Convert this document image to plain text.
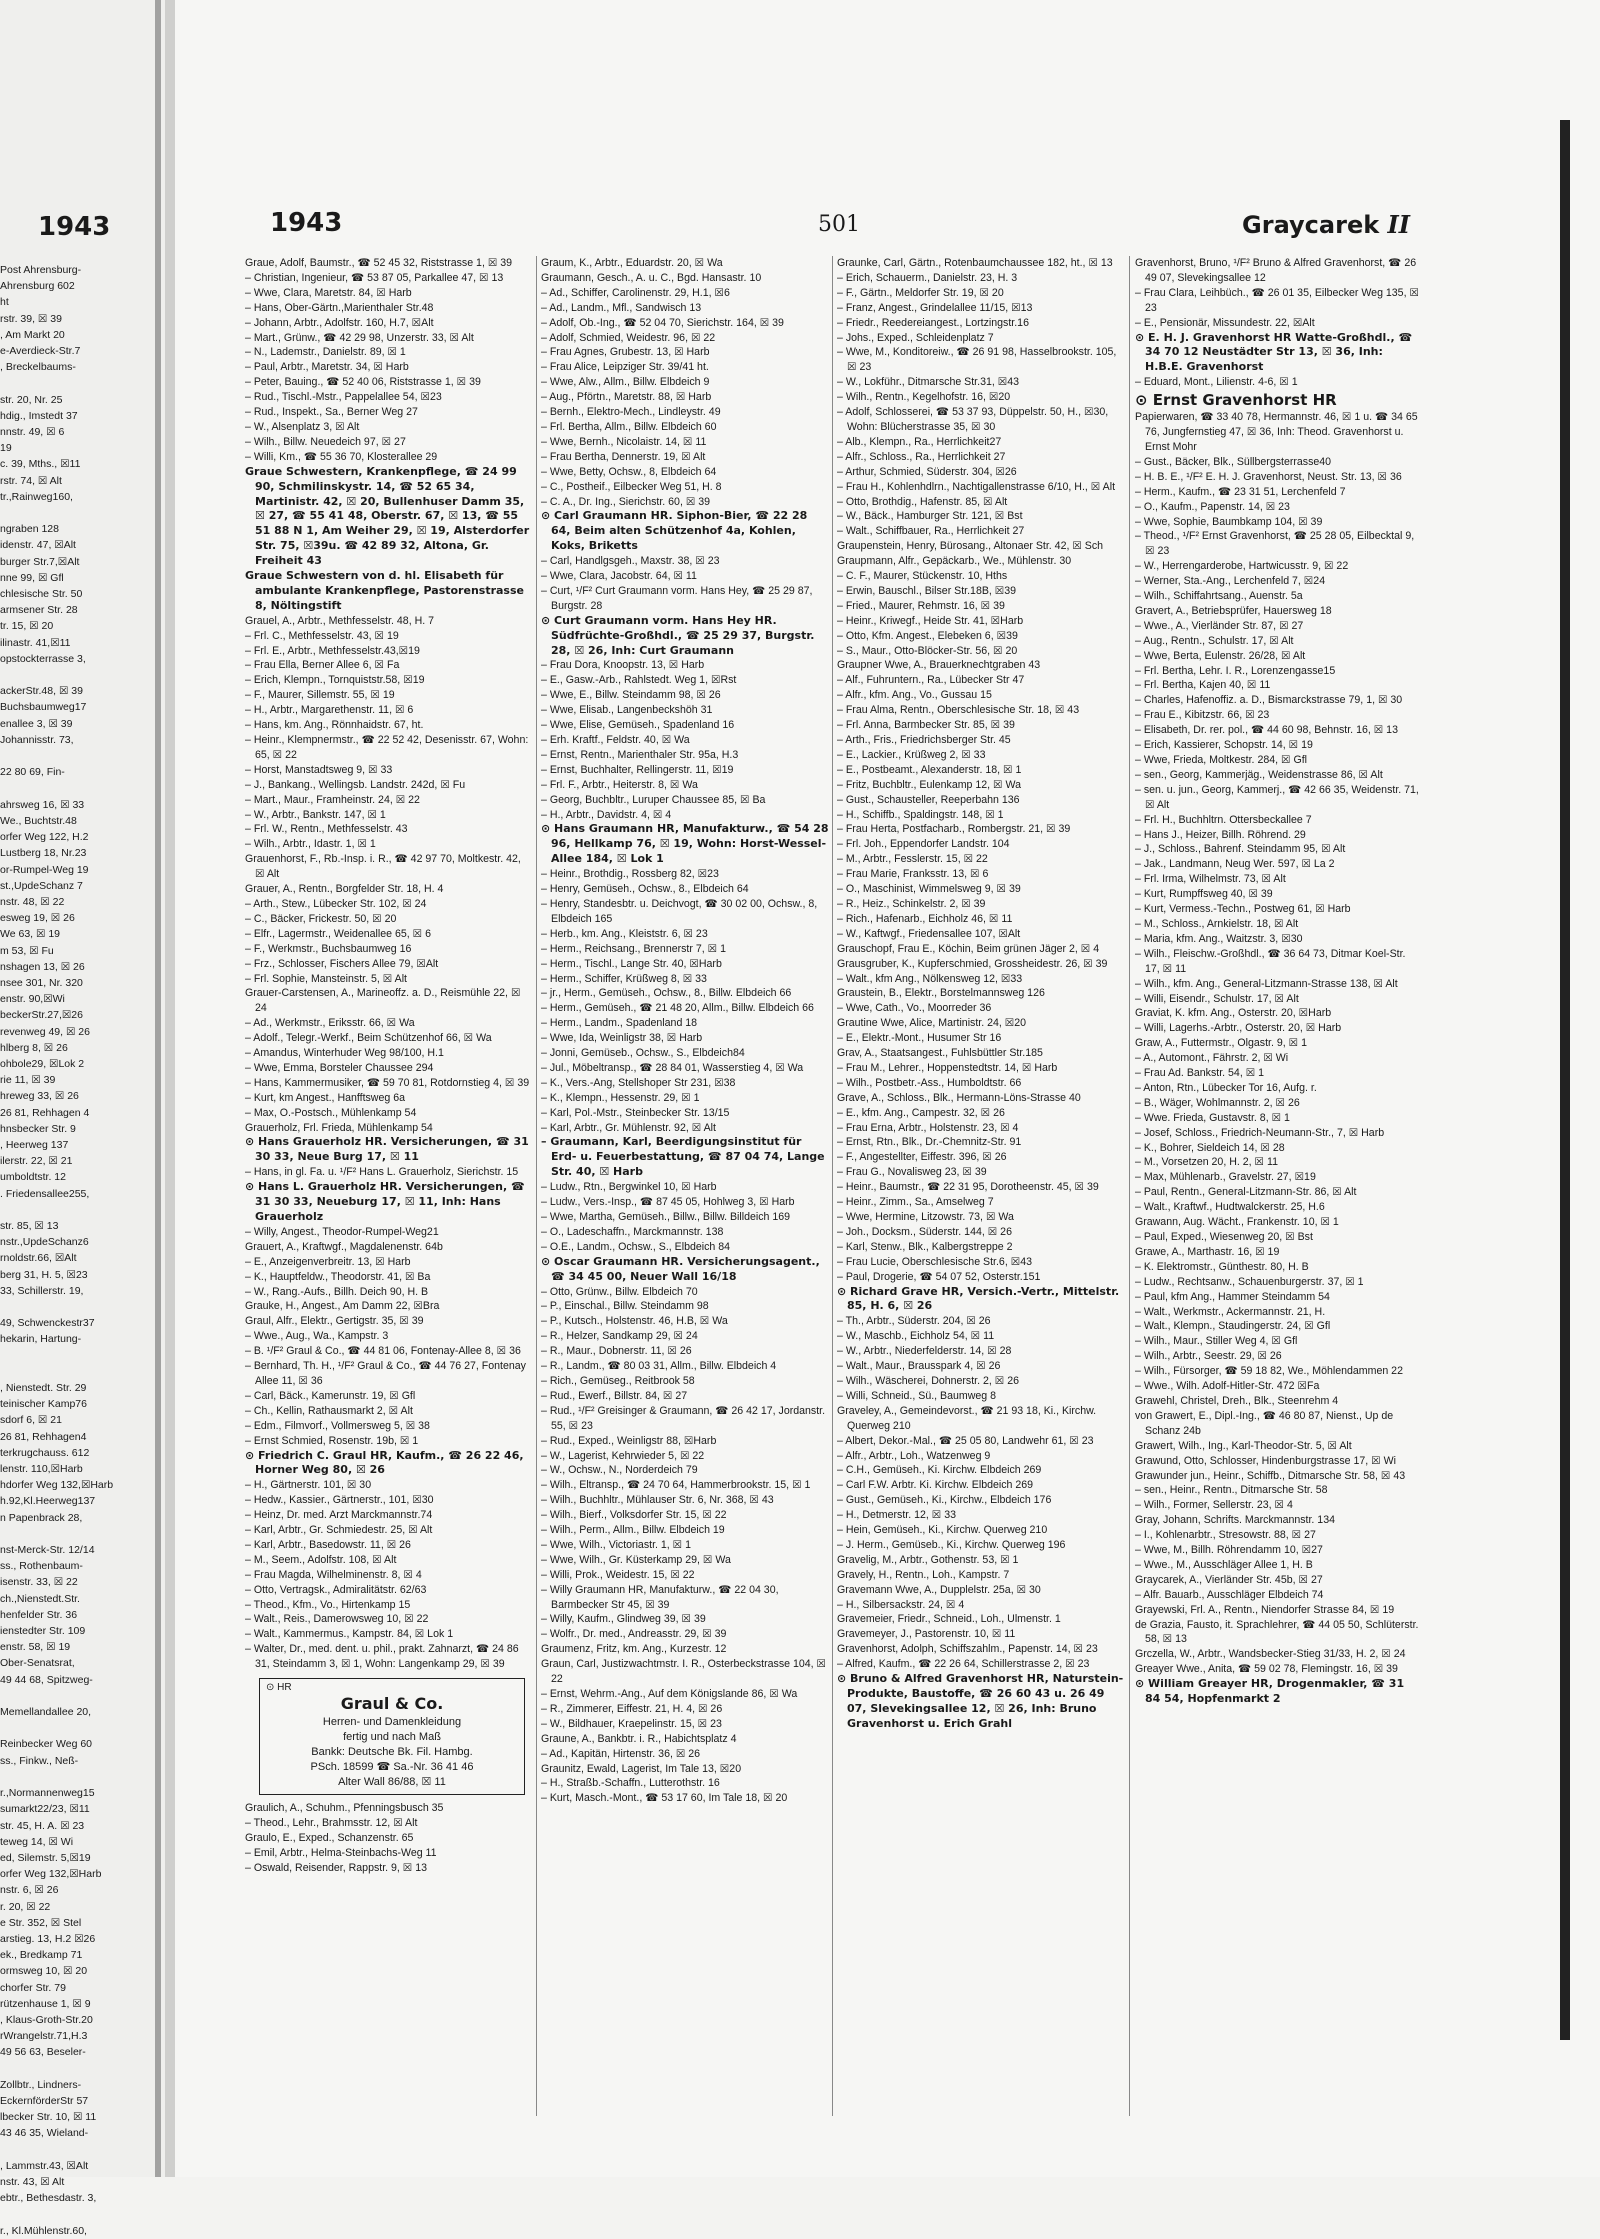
1943
Post Ahrensburg-
Ahrensburg 602
ht
rstr. 39, ☒ 39
, Am Markt 20
e-Averdieck-Str.7
, Breckelbaums-

str. 20, Nr. 25
hdig., Imstedt 37
nnstr. 49, ☒ 6
19
c. 39, Mths., ☒11
rstr. 74, ☒ Alt
tr.,Rainweg160,

ngraben 128
idenstr. 47, ☒Alt
burger Str.7,☒Alt
nne 99, ☒ Gfl
chlesische Str. 50
armsener Str. 28
tr. 15, ☒ 20
ilinastr. 41,☒11
opstockterrasse 3,

ackerStr.48, ☒ 39
Buchsbaumweg17
enallee 3, ☒ 39
Johannisstr. 73,

22 80 69, Fin-

ahrsweg 16, ☒ 33
We., Buchtstr.48
orfer Weg 122, H.2
Lustberg 18, Nr.23
or-Rumpel-Weg 19
st.,UpdeSchanz 7
nstr. 48, ☒ 22
esweg 19, ☒ 26
We 63, ☒ 19
m 53, ☒ Fu
nshagen 13, ☒ 26
nsee 301, Nr. 320
enstr. 90,☒Wi
beckerStr.27,☒26
revenweg 49, ☒ 26
hlberg 8, ☒ 26
ohbole29, ☒Lok 2
rie 11, ☒ 39
hreweg 33, ☒ 26
26 81, Rehhagen 4
hnsbecker Str. 9
, Heerweg 137
ilerstr. 22, ☒ 21
umboldtstr. 12
. Friedensallee255,

str. 85, ☒ 13
nstr.,UpdeSchanz6
rnoldstr.66, ☒Alt
berg 31, H. 5, ☒23
33, Schillerstr. 19,

49, Schwenckestr37
hekarin, Hartung-

, Nienstedt. Str. 29
teinischer Kamp76
sdorf 6, ☒ 21
26 81, Rehhagen4
terkrugchauss. 612
lenstr. 110,☒Harb
hdorfer Weg 132,☒Harb
h.92,Kl.Heerweg137
n Papenbrack 28,

nst-Merck-Str. 12/14
ss., Rothenbaum-
isenstr. 33, ☒ 22
ch.,Nienstedt.Str.
henfelder Str. 36
ienstedter Str. 109
enstr. 58, ☒ 19
Ober-Senatsrat,
49 44 68, Spitzweg-

Memellandallee 20,

Reinbecker Weg 60
ss., Finkw., Neß-

r.,Normannenweg15
sumarkt22/23, ☒11
str. 45, H. A. ☒ 23
teweg 14, ☒ Wi
ed, Silemstr. 5,☒19
orfer Weg 132,☒Harb
nstr. 6, ☒ 26
r. 20, ☒ 22
e Str. 352, ☒ Stel
arstieg. 13, H.2 ☒26
ek., Bredkamp 71
ormsweg 10, ☒ 20
chorfer Str. 79
rützenhause 1, ☒ 9
, Klaus-Groth-Str.20
rWrangelstr.71,H.3
49 56 63, Beseler-

Zollbtr., Lindners-
EckernförderStr 57
lbecker Str. 10, ☒ 11
43 46 35, Wieland-

, Lammstr.43, ☒Alt
nstr. 43, ☒ Alt
ebtr., Bethesdastr. 3,

r., Kl.Mühlenstr.60,
1943	501	Graycarek II
Graue, Adolf, Baumstr., ☎ 52 45 32, Riststrasse 1, ☒ 39
– Christian, Ingenieur, ☎ 53 87 05, Parkallee 47, ☒ 13
– Wwe, Clara, Maretstr. 84, ☒ Harb
– Hans, Ober-Gärtn.,Marienthaler Str.48
– Johann, Arbtr., Adolfstr. 160, H.7, ☒Alt
– Mart., Grünw., ☎ 42 29 98, Unzerstr. 33, ☒ Alt
– N., Lademstr., Danielstr. 89, ☒ 1
– Paul, Arbtr., Maretstr. 34, ☒ Harb
– Peter, Bauing., ☎ 52 40 06, Riststrasse 1, ☒ 39
– Rud., Tischl.-Mstr., Pappelallee 54, ☒23
– Rud., Inspekt., Sa., Berner Weg 27
– W., Alsenplatz 3, ☒ Alt
– Wilh., Billw. Neuedeich 97, ☒ 27
– Willi, Km., ☎ 55 36 70, Klosterallee 29
Graue Schwestern, Krankenpflege, ☎ 24 99 90, Schmilinskystr. 14, ☎ 52 65 34, Martinistr. 42, ☒ 20, Bullenhuser Damm 35, ☒ 27, ☎ 55 41 48, Oberstr. 67, ☒ 13, ☎ 55 51 88 N 1, Am Weiher 29, ☒ 19, Alsterdorfer Str. 75, ☒39u. ☎ 42 89 32, Altona, Gr. Freiheit 43
Graue Schwestern von d. hl. Elisabeth für ambulante Krankenpflege, Pastorenstrasse 8, Nöltingstift
Grauel, A., Arbtr., Methfesselstr. 48, H. 7
– Frl. C., Methfesselstr. 43, ☒ 19
– Frl. E., Arbtr., Methfesselstr.43,☒19
– Frau Ella, Berner Allee 6, ☒ Fa
– Erich, Klempn., Tornquiststr.58, ☒19
– F., Maurer, Sillemstr. 55, ☒ 19
– H., Arbtr., Margarethenstr. 11, ☒ 6
– Hans, km. Ang., Rönnhaidstr. 67, ht.
– Heinr., Klempnermstr., ☎ 22 52 42, Desenisstr. 67, Wohn: 65, ☒ 22
– Horst, Manstadtsweg 9, ☒ 33
– J., Bankang., Wellingsb. Landstr. 242d, ☒ Fu
– Mart., Maur., Framheinstr. 24, ☒ 22
– W., Arbtr., Bankstr. 147, ☒ 1
– Frl. W., Rentn., Methfesselstr. 43
– Wilh., Arbtr., Idastr. 1, ☒ 1
Grauenhorst, F., Rb.-Insp. i. R., ☎ 42 97 70, Moltkestr. 42, ☒ Alt
Grauer, A., Rentn., Borgfelder Str. 18, H. 4
– Arth., Stew., Lübecker Str. 102, ☒ 24
– C., Bäcker, Frickestr. 50, ☒ 20
– Elfr., Lagermstr., Weidenallee 65, ☒ 6
– F., Werkmstr., Buchsbaumweg 16
– Frz., Schlosser, Fischers Allee 79, ☒Alt
– Frl. Sophie, Mansteinstr. 5, ☒ Alt
Grauer-Carstensen, A., Marineoffz. a. D., Reismühle 22, ☒ 24
– Ad., Werkmstr., Eriksstr. 66, ☒ Wa
– Adolf., Telegr.-Werkf., Beim Schützenhof 66, ☒ Wa
– Amandus, Winterhuder Weg 98/100, H.1
– Wwe, Emma, Borsteler Chaussee 294
– Hans, Kammermusiker, ☎ 59 70 81, Rotdornstieg 4, ☒ 39
– Kurt, km Angest., Hanfftsweg 6a
– Max, O.-Postsch., Mühlenkamp 54
Grauerholz, Frl. Frieda, Mühlenkamp 54
⊙ Hans Grauerholz HR. Versicherungen, ☎ 31 30 33, Neue Burg 17, ☒ 11
– Hans, in gl. Fa. u. ¹/F² Hans L. Grauerholz, Sierichstr. 15
⊙ Hans L. Grauerholz HR. Versicherungen, ☎ 31 30 33, Neueburg 17, ☒ 11, Inh: Hans Grauerholz
– Willy, Angest., Theodor-Rumpel-Weg21
Grauert, A., Kraftwgf., Magdalenenstr. 64b
– E., Anzeigenverbreitr. 13, ☒ Harb
– K., Hauptfeldw., Theodorstr. 41, ☒ Ba
– W., Rang.-Aufs., Billh. Deich 90, H. B
Grauke, H., Angest., Am Damm 22, ☒Bra
Graul, Alfr., Elektr., Gertigstr. 35, ☒ 39
– Wwe., Aug., Wa., Kampstr. 3
– B. ¹/F² Graul & Co., ☎ 44 81 06, Fontenay-Allee 8, ☒ 36
– Bernhard, Th. H., ¹/F² Graul & Co., ☎ 44 76 27, Fontenay Allee 11, ☒ 36
– Carl, Bäck., Kamerunstr. 19, ☒ Gfl
– Ch., Kellin, Rathausmarkt 2, ☒ Alt
– Edm., Filmvorf., Vollmersweg 5, ☒ 38
– Ernst Schmied, Rosenstr. 19b, ☒ 1
⊙ Friedrich C. Graul HR, Kaufm., ☎ 26 22 46, Horner Weg 80, ☒ 26
– H., Gärtnerstr. 101, ☒ 30
– Hedw., Kassier., Gärtnerstr., 101, ☒30
– Heinz, Dr. med. Arzt Marckmannstr.74
– Karl, Arbtr., Gr. Schmiedestr. 25, ☒ Alt
– Karl, Arbtr., Basedowstr. 11, ☒ 26
– M., Seem., Adolfstr. 108, ☒ Alt
– Frau Magda, Wilhelminenstr. 8, ☒ 4
– Otto, Vertragsk., Admiralitätstr. 62/63
– Theod., Kfm., Vo., Hirtenkamp 15
– Walt., Reis., Damerowsweg 10, ☒ 22
– Walt., Kammermus., Kampstr. 84, ☒ Lok 1
– Walter, Dr., med. dent. u. phil., prakt. Zahnarzt, ☎ 24 86 31, Steindamm 3, ☒ 1, Wohn: Langenkamp 29, ☒ 39
⊙ HR
Graul & Co.
Herren- und Damenkleidung
fertig und nach Maß
Bankk: Deutsche Bk. Fil. Hambg.
PSch. 18599 ☎ Sa.-Nr. 36 41 46
Alter Wall 86/88, ☒ 11
Graulich, A., Schuhm., Pfenningsbusch 35
– Theod., Lehr., Brahmsstr. 12, ☒ Alt
Graulo, E., Exped., Schanzenstr. 65
– Emil, Arbtr., Helma-Steinbachs-Weg 11
– Oswald, Reisender, Rappstr. 9, ☒ 13
Graum, K., Arbtr., Eduardstr. 20, ☒ Wa
Graumann, Gesch., A. u. C., Bgd. Hansastr. 10
– Ad., Schiffer, Carolinenstr. 29, H.1, ☒6
– Ad., Landm., Mfl., Sandwisch 13
– Adolf, Ob.-Ing., ☎ 52 04 70, Sierichstr. 164, ☒ 39
– Adolf, Schmied, Weidestr. 96, ☒ 22
– Frau Agnes, Grubestr. 13, ☒ Harb
– Frau Alice, Leipziger Str. 39/41 ht.
– Wwe, Alw., Allm., Billw. Elbdeich 9
– Aug., Pförtn., Maretstr. 88, ☒ Harb
– Bernh., Elektro-Mech., Lindleystr. 49
– Frl. Bertha, Allm., Billw. Elbdeich 60
– Wwe, Bernh., Nicolaistr. 14, ☒ 11
– Frau Bertha, Dennerstr. 19, ☒ Alt
– Wwe, Betty, Ochsw., 8, Elbdeich 64
– C., Postheif., Eilbecker Weg 51, H. 8
– C. A., Dr. Ing., Sierichstr. 60, ☒ 39
⊙ Carl Graumann HR. Siphon-Bier, ☎ 22 28 64, Beim alten Schützenhof 4a, Kohlen, Koks, Briketts
– Carl, Handlgsgeh., Maxstr. 38, ☒ 23
– Wwe, Clara, Jacobstr. 64, ☒ 11
– Curt, ¹/F² Curt Graumann vorm. Hans Hey, ☎ 25 29 87, Burgstr. 28
⊙ Curt Graumann vorm. Hans Hey HR. Südfrüchte-Großhdl., ☎ 25 29 37, Burgstr. 28, ☒ 26, Inh: Curt Graumann
– Frau Dora, Knoopstr. 13, ☒ Harb
– E., Gasw.-Arb., Rahlstedt. Weg 1, ☒Rst
– Wwe, E., Billw. Steindamm 98, ☒ 26
– Wwe, Elisab., Langenbeckshöh 31
– Wwe, Elise, Gemüseh., Spadenland 16
– Erh. Kraftf., Feldstr. 40, ☒ Wa
– Ernst, Rentn., Marienthaler Str. 95a, H.3
– Ernst, Buchhalter, Rellingerstr. 11, ☒19
– Frl. F., Arbtr., Heiterstr. 8, ☒ Wa
– Georg, Buchbltr., Luruper Chaussee 85, ☒ Ba
– H., Arbtr., Davidstr. 4, ☒ 4
⊙ Hans Graumann HR, Manufakturw., ☎ 54 28 96, Hellkamp 76, ☒ 19, Wohn: Horst-Wessel-Allee 184, ☒ Lok 1
– Heinr., Brothdig., Rossberg 82, ☒23
– Henry, Gemüseh., Ochsw., 8., Elbdeich 64
– Henry, Standesbtr. u. Deichvogt, ☎ 30 02 00, Ochsw., 8, Elbdeich 165
– Herb., km. Ang., Kleiststr. 6, ☒ 23
– Herm., Reichsang., Brennerstr 7, ☒ 1
– Herm., Tischl., Lange Str. 40, ☒Harb
– Herm., Schiffer, Krüßweg 8, ☒ 33
– jr., Herm., Gemüseh., Ochsw., 8., Billw. Elbdeich 66
– Herm., Gemüseh., ☎ 21 48 20, Allm., Billw. Elbdeich 66
– Herm., Landm., Spadenland 18
– Wwe, Ida, Weinligstr 38, ☒ Harb
– Jonni, Gemüseb., Ochsw., S., Elbdeich84
– Jul., Möbeltransp., ☎ 28 84 01, Wasserstieg 4, ☒ Wa
– K., Vers.-Ang, Stellshoper Str 231, ☒38
– K., Klempn., Hessenstr. 29, ☒ 1
– Karl, Pol.-Mstr., Steinbecker Str. 13/15
– Karl, Arbtr., Gr. Mühlenstr. 92, ☒ Alt
– Graumann, Karl, Beerdigungsinstitut für Erd- u. Feuerbestattung, ☎ 87 04 74, Lange Str. 40, ☒ Harb
– Ludw., Rtn., Bergwinkel 10, ☒ Harb
– Ludw., Vers.-Insp., ☎ 87 45 05, Hohlweg 3, ☒ Harb
– Wwe, Martha, Gemüseh., Billw., Billw. Billdeich 169
– O., Ladeschaffn., Marckmannstr. 138
– O.E., Landm., Ochsw., S., Elbdeich 84
⊙ Oscar Graumann HR. Versicherungsagent., ☎ 34 45 00, Neuer Wall 16/18
– Otto, Grünw., Billw. Elbdeich 70
– P., Einschal., Billw. Steindamm 98
– P., Kutsch., Holstenstr. 46, H.B, ☒ Wa
– R., Helzer, Sandkamp 29, ☒ 24
– R., Maur., Dobnerstr. 11, ☒ 26
– R., Landm., ☎ 80 03 31, Allm., Billw. Elbdeich 4
– Rich., Gemüseg., Reitbrook 58
– Rud., Ewerf., Billstr. 84, ☒ 27
– Rud., ¹/F² Greisinger & Graumann, ☎ 26 42 17, Jordanstr. 55, ☒ 23
– Rud., Exped., Weinligstr 88, ☒Harb
– W., Lagerist, Kehrwieder 5, ☒ 22
– W., Ochsw., N., Norderdeich 79
– Wilh., Eltransp., ☎ 24 70 64, Hammerbrookstr. 15, ☒ 1
– Wilh., Buchhltr., Mühlauser Str. 6, Nr. 368, ☒ 43
– Wilh., Bierf., Volksdorfer Str. 15, ☒ 22
– Wilh., Perm., Allm., Billw. Elbdeich 19
– Wwe, Wilh., Victoriastr. 1, ☒ 1
– Wwe, Wilh., Gr. Küsterkamp 29, ☒ Wa
– Willi, Prok., Weidestr. 15, ☒ 22
– Willy Graumann HR, Manufakturw., ☎ 22 04 30, Barmbecker Str 45, ☒ 39
– Willy, Kaufm., Glindweg 39, ☒ 39
– Wolfr., Dr. med., Andreasstr. 29, ☒ 39
Graumenz, Fritz, km. Ang., Kurzestr. 12
Graun, Carl, Justizwachtmstr. I. R., Osterbeckstrasse 104, ☒ 22
– Ernst, Wehrm.-Ang., Auf dem Königslande 86, ☒ Wa
– R., Zimmerer, Eiffestr. 21, H. 4, ☒ 26
– W., Bildhauer, Kraepelinstr. 15, ☒ 23
Graune, A., Bankbtr. i. R., Habichtsplatz 4
– Ad., Kapitän, Hirtenstr. 36, ☒ 26
Graunitz, Ewald, Lagerist, Im Tale 13, ☒20
– H., Straßb.-Schaffn., Lutterothstr. 16
– Kurt, Masch.-Mont., ☎ 53 17 60, Im Tale 18, ☒ 20
Graunke, Carl, Gärtn., Rotenbaumchaussee 182, ht., ☒ 13
– Erich, Schauerm., Danielstr. 23, H. 3
– F., Gärtn., Meldorfer Str. 19, ☒ 20
– Franz, Angest., Grindelallee 11/15, ☒13
– Friedr., Reedereiangest., Lortzingstr.16
– Johs., Exped., Schleidenplatz 7
– Wwe, M., Konditoreiw., ☎ 26 91 98, Hasselbrookstr. 105, ☒ 23
– W., Lokführ., Ditmarsche Str.31, ☒43
– Wilh., Rentn., Kegelhofstr. 16, ☒20
– Adolf, Schlosserei, ☎ 53 37 93, Düppelstr. 50, H., ☒30, Wohn: Blücherstrasse 35, ☒ 30
– Alb., Klempn., Ra., Herrlichkeit27
– Alfr., Schloss., Ra., Herrlichkeit 27
– Arthur, Schmied, Süderstr. 304, ☒26
– Frau H., Kohlenhdlrn., Nachtigallenstrasse 6/10, H., ☒ Alt
– Otto, Brothdig., Hafenstr. 85, ☒ Alt
– W., Bäck., Hamburger Str. 121, ☒ Bst
– Walt., Schiffbauer, Ra., Herrlichkeit 27
Graupenstein, Henry, Bürosang., Altonaer Str. 42, ☒ Sch
Graupmann, Alfr., Gepäckarb., We., Mühlenstr. 30
– C. F., Maurer, Stückenstr. 10, Hths
– Erwin, Bauschl., Bilser Str.18B, ☒39
– Fried., Maurer, Rehmstr. 16, ☒ 39
– Heinr., Kriwegf., Heide Str. 41, ☒Harb
– Otto, Kfm. Angest., Elebeken 6, ☒39
– S., Maur., Otto-Blöcker-Str. 56, ☒ 20
Graupner Wwe, A., Brauerknechtgraben 43
– Alf., Fuhruntern., Ra., Lübecker Str 47
– Alfr., kfm. Ang., Vo., Gussau 15
– Frau Alma, Rentn., Oberschlesische Str. 18, ☒ 43
– Frl. Anna, Barmbecker Str. 85, ☒ 39
– Arth., Fris., Friedrichsberger Str. 45
– E., Lackier., Krüßweg 2, ☒ 33
– E., Postbeamt., Alexanderstr. 18, ☒ 1
– Fritz, Buchbltr., Eulenkamp 12, ☒ Wa
– Gust., Schausteller, Reeperbahn 136
– H., Schiffb., Spaldingstr. 148, ☒ 1
– Frau Herta, Postfacharb., Rombergstr. 21, ☒ 39
– Frl. Joh., Eppendorfer Landstr. 104
– M., Arbtr., Fesslerstr. 15, ☒ 22
– Frau Marie, Franksstr. 13, ☒ 6
– O., Maschinist, Wimmelsweg 9, ☒ 39
– R., Heiz., Schinkelstr. 2, ☒ 39
– Rich., Hafenarb., Eichholz 46, ☒ 11
– W., Kaftwgf., Friedensallee 107, ☒Alt
Grauschopf, Frau E., Köchin, Beim grünen Jäger 2, ☒ 4
Grausgruber, K., Kupferschmied, Grossheidestr. 26, ☒ 39
– Walt., kfm Ang., Nölkensweg 12, ☒33
Graustein, B., Elektr., Borstelmannsweg 126
– Wwe, Cath., Vo., Moorreder 36
Grautine Wwe, Alice, Martinistr. 24, ☒20
– E., Elektr.-Mont., Husumer Str 16
Grav, A., Staatsangest., Fuhlsbüttler Str.185
– Frau M., Lehrer., Hoppenstedtstr. 14, ☒ Harb
– Wilh., Postbetr.-Ass., Humboldtstr. 66
Grave, A., Schloss., Blk., Hermann-Löns-Strasse 40
– E., kfm. Ang., Campestr. 32, ☒ 26
– Frau Erna, Arbtr., Holstenstr. 23, ☒ 4
– Ernst, Rtn., Blk., Dr.-Chemnitz-Str. 91
– F., Angestellter, Eiffestr. 396, ☒ 26
– Frau G., Novalisweg 23, ☒ 39
– Heinr., Baumstr., ☎ 22 31 95, Dorotheenstr. 45, ☒ 39
– Heinr., Zimm., Sa., Amselweg 7
– Wwe, Hermine, Litzowstr. 73, ☒ Wa
– Joh., Docksm., Süderstr. 144, ☒ 26
– Karl, Stenw., Blk., Kalbergstreppe 2
– Frau Lucie, Oberschlesische Str.6, ☒43
– Paul, Drogerie, ☎ 54 07 52, Osterstr.151
⊙ Richard Grave HR, Versich.-Vertr., Mittelstr. 85, H. 6, ☒ 26
– Th., Arbtr., Süderstr. 204, ☒ 26
– W., Maschb., Eichholz 54, ☒ 11
– W., Arbtr., Niederfelderstr. 14, ☒ 28
– Walt., Maur., Brausspark 4, ☒ 26
– Wilh., Wäscherei, Dohnerstr. 2, ☒ 26
– Willi, Schneid., Sü., Baumweg 8
Graveley, A., Gemeindevorst., ☎ 21 93 18, Ki., Kirchw. Querweg 210
– Albert, Dekor.-Mal., ☎ 25 05 80, Landwehr 61, ☒ 23
– Alfr., Arbtr., Loh., Watzenweg 9
– C.H., Gemüseh., Ki. Kirchw. Elbdeich 269
– Carl F.W. Arbtr. Ki. Kirchw. Elbdeich 269
– Gust., Gemüseh., Ki., Kirchw., Elbdeich 176
– H., Detmerstr. 12, ☒ 33
– Hein, Gemüseh., Ki., Kirchw. Querweg 210
– J. Herm., Gemüseb., Ki., Kirchw. Querweg 196
Gravelig, M., Arbtr., Gothenstr. 53, ☒ 1
Gravely, H., Rentn., Loh., Kampstr. 7
Gravemann Wwe, A., Dupplelstr. 25a, ☒ 30
– H., Silbersackstr. 24, ☒ 4
Gravemeier, Friedr., Schneid., Loh., Ulmenstr. 1
Gravemeyer, J., Pastorenstr. 10, ☒ 11
Gravenhorst, Adolph, Schiffszahlm., Papenstr. 14, ☒ 23
– Alfred, Kaufm., ☎ 22 26 64, Schillerstrasse 2, ☒ 23
⊙ Bruno & Alfred Gravenhorst HR, Naturstein-Produkte, Baustoffe, ☎ 26 60 43 u. 26 49 07, Slevekingsallee 12, ☒ 26, Inh: Bruno Gravenhorst u. Erich Grahl
Gravenhorst, Bruno, ¹/F² Bruno & Alfred Gravenhorst, ☎ 26 49 07, Slevekingsallee 12
– Frau Clara, Leihbüch., ☎ 26 01 35, Eilbecker Weg 135, ☒ 23
– E., Pensionär, Missundestr. 22, ☒Alt
⊙ E. H. J. Gravenhorst HR Watte-Großhdl., ☎ 34 70 12 Neustädter Str 13, ☒ 36, Inh: H.B.E. Gravenhorst
– Eduard, Mont., Lilienstr. 4-6, ☒ 1
⊙ Ernst Gravenhorst HR
Papierwaren, ☎ 33 40 78, Hermannstr. 46, ☒ 1 u. ☎ 34 65 76, Jungfernstieg 47, ☒ 36, Inh: Theod. Gravenhorst u. Ernst Mohr
– Gust., Bäcker, Blk., Süllbergsterrasse40
– H. B. E., ¹/F² E. H. J. Gravenhorst, Neust. Str. 13, ☒ 36
– Herm., Kaufm., ☎ 23 31 51, Lerchenfeld 7
– O., Kaufm., Papenstr. 14, ☒ 23
– Wwe, Sophie, Baumbkamp 104, ☒ 39
– Theod., ¹/F² Ernst Gravenhorst, ☎ 25 28 05, Eilbecktal 9, ☒ 23
– W., Herrengarderobe, Hartwicusstr. 9, ☒ 22
– Werner, Sta.-Ang., Lerchenfeld 7, ☒24
– Wilh., Schiffahrtsang., Auenstr. 5a
Gravert, A., Betriebsprüfer, Hauersweg 18
– Wwe., A., Vierländer Str. 87, ☒ 27
– Aug., Rentn., Schulstr. 17, ☒ Alt
– Wwe, Berta, Eulenstr. 26/28, ☒ Alt
– Frl. Bertha, Lehr. I. R., Lorenzengasse15
– Frl. Bertha, Kajen 40, ☒ 11
– Charles, Hafenoffiz. a. D., Bismarckstrasse 79, 1, ☒ 30
– Frau E., Kibitzstr. 66, ☒ 23
– Elisabeth, Dr. rer. pol., ☎ 44 60 98, Behnstr. 16, ☒ 13
– Erich, Kassierer, Schopstr. 14, ☒ 19
– Wwe, Frieda, Moltkestr. 284, ☒ Gfl
– sen., Georg, Kammerjäg., Weidenstrasse 86, ☒ Alt
– sen. u. jun., Georg, Kammerj., ☎ 42 66 35, Weidenstr. 71, ☒ Alt
– Frl. H., Buchhltrn. Ottersbeckallee 7
– Hans J., Heizer, Billh. Röhrend. 29
– J., Schloss., Bahrenf. Steindamm 95, ☒ Alt
– Jak., Landmann, Neug Wer. 597, ☒ La 2
– Frl. Irma, Wilhelmstr. 73, ☒ Alt
– Kurt, Rumpffsweg 40, ☒ 39
– Kurt, Vermess.-Techn., Postweg 61, ☒ Harb
– M., Schloss., Arnkielstr. 18, ☒ Alt
– Maria, kfm. Ang., Waitzstr. 3, ☒30
– Wilh., Fleischw.-Großhdl., ☎ 36 64 73, Ditmar Koel-Str. 17, ☒ 11
– Wilh., kfm. Ang., General-Litzmann-Strasse 138, ☒ Alt
– Willi, Eisendr., Schulstr. 17, ☒ Alt
Graviat, K. kfm. Ang., Osterstr. 20, ☒Harb
– Willi, Lagerhs.-Arbtr., Osterstr. 20, ☒ Harb
Graw, A., Futtermstr., Olgastr. 9, ☒ 1
– A., Automont., Fährstr. 2, ☒ Wi
– Frau Ad. Bankstr. 54, ☒ 1
– Anton, Rtn., Lübecker Tor 16, Aufg. r.
– B., Wäger, Wohlmannstr. 2, ☒ 26
– Wwe. Frieda, Gustavstr. 8, ☒ 1
– Josef, Schloss., Friedrich-Neumann-Str., 7, ☒ Harb
– K., Bohrer, Sieldeich 14, ☒ 28
– M., Vorsetzen 20, H. 2, ☒ 11
– Max, Mühlenarb., Gravelstr. 27, ☒19
– Paul, Rentn., General-Litzmann-Str. 86, ☒ Alt
– Walt., Kraftwf., Hudtwalckerstr. 25, H.6
Grawann, Aug. Wächt., Frankenstr. 10, ☒ 1
– Paul, Exped., Wiesenweg 20, ☒ Bst
Grawe, A., Marthastr. 16, ☒ 19
– K. Elektromstr., Günthestr. 80, H. B
– Ludw., Rechtsanw., Schauenburgerstr. 37, ☒ 1
– Paul, kfm Ang., Hammer Steindamm 54
– Walt., Werkmstr., Ackermannstr. 21, H.
– Walt., Klempn., Staudingerstr. 24, ☒ Gfl
– Wilh., Maur., Stiller Weg 4, ☒ Gfl
– Wilh., Arbtr., Seestr. 29, ☒ 26
– Wilh., Fürsorger, ☎ 59 18 82, We., Möhlendammen 22
– Wwe., Wilh. Adolf-Hitler-Str. 472 ☒Fa
Grawehl, Christel, Dreh., Blk., Steenrehm 4
von Grawert, E., Dipl.-Ing., ☎ 46 80 87, Nienst., Up de Schanz 24b
Grawert, Wilh., Ing., Karl-Theodor-Str. 5, ☒ Alt
Grawund, Otto, Schlosser, Hindenburgstrasse 17, ☒ Wi
Grawunder jun., Heinr., Schiffb., Ditmarsche Str. 58, ☒ 43
– sen., Heinr., Rentn., Ditmarsche Str. 58
– Wilh., Former, Sellerstr. 23, ☒ 4
Gray, Johann, Schrifts. Marckmannstr. 134
– I., Kohlenarbtr., Stresowstr. 88, ☒ 27
– Wwe, M., Billh. Röhrendamm 10, ☒27
– Wwe., M., Ausschläger Allee 1, H. B
Graycarek, A., Vierländer Str. 45b, ☒ 27
– Alfr. Bauarb., Ausschläger Elbdeich 74
Grayewski, Frl. A., Rentn., Niendorfer Strasse 84, ☒ 19
de Grazia, Fausto, it. Sprachlehrer, ☎ 44 05 50, Schlüterstr. 58, ☒ 13
Grczella, W., Arbtr., Wandsbecker-Stieg 31/33, H. 2, ☒ 24
Greayer Wwe., Anita, ☎ 59 02 78, Flemingstr. 16, ☒ 39
⊙ William Greayer HR, Drogenmakler, ☎ 31 84 54, Hopfenmarkt 2
